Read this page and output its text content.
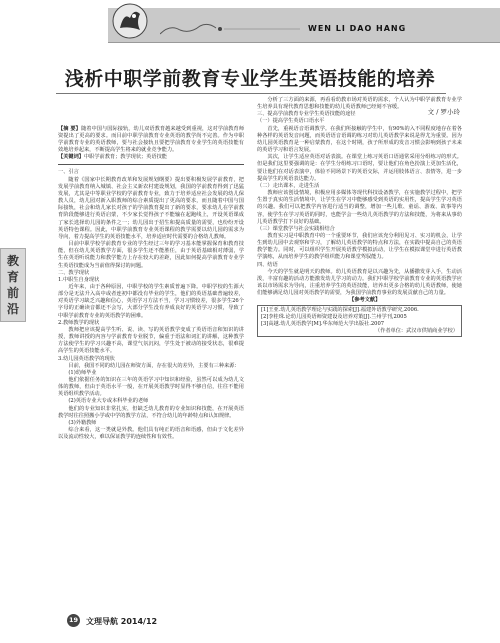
WEN LI DAO HANG
浅析中职学前教育专业学生英语技能的培养
文 / 罗小玲
教育前沿

【摘 要】随着中国与国际接轨，幼儿双语教育越来越受到重视，这对学前教育师资提出了更高的要求。而目前中职学前教育专业英语的教学尚不完善。作为中职学前教育专业的英语教师，要与社会接轨且要把学前教育专业学生的英语技能有效地培养起来，不断提高学生将来的就业竞争能力。

【关键词】中职学前教育；教学现状；英语技能

一、引言

随着《国家中长期教育改革和发展规划纲要》提出要积极发展学前教育，把发展学前教育纳入城镇、社会主义新农村建设规划，我国的学前教育得到了迅猛发展，尤其是中等职业学校的学前教育专业，致力于培养适应社会发展的幼儿保教人员，幼儿园对新入职教师的综合素质提出了更高的要求，而且随着中国与国际接轨，社会和幼儿家长对孩子的学前教育提出了新的要求，要求幼儿在学前教育阶段能够进行英语启蒙，不少家长觉得孩子不能输在起跑线上，开设英语课成了家长选择幼儿园的条件之一；幼儿园出于招生和提高质量的需要，也纷纷开设英语特色课程。因此，中职学前教育专业英语课程的教学需要以幼儿园的需求为导向，着力提高学生的英语技能水平，培养适应时代需要的合格幼儿教师。

目前中职学校学前教育专业的学生经过三年的学习基本能掌握保育和教育技能，但在幼儿英语教学方面，很多学生还不能胜任，由于英语基础相对薄弱，学生在英语听说能力和教学能力上存在较大的差距，因此如何提高学前教育专业学生英语技能成为当前值得探讨的问题。

二、教学现状

1.中职生自身现状

近年来，由于各种原因，中职学校的学生素质普遍下降。中职学校的生源大部分是无法升入高中或者连初中都没有毕业的学生，他们的英语基础普遍较差，对英语学习缺乏兴趣和信心，英语学习方法不当，学习习惯较差，很多学生26个字母的正确读音都还不会写，大部分学生没有养成良好的英语学习习惯，导致了中职学前教育专业的英语教学的困难。

2.教师教学的现状

教师把应该提高学生听、说、读、写的英语教学变成了英语语音和知识的讲授，教师讲授的内容与学前教育专业脱节，偏重于语法和词汇的讲解，这种教学方法使学生的学习兴趣不高，课堂气氛沉闷，学生处于被动的接受状态，很难提高学生的英语技能水平。

3.幼儿园英语教学的现状

目前，我国不同的幼儿园在师资方面，存在很大的差异，主要有三种来源：

(1)幼师毕业

他们依据任务的知识在三年的英语学习中知识和经验，虽然可以成为幼儿文体的教师，但由于英语水平一般，在开展英语教学时显得不够自信，往往不能用英语组织教学活动。

(2)英语专业大专或本科毕业的老师

他们的专业知识非常扎实，但缺乏幼儿教育的专业知识和技能，在开展英语教学时往往照搬小学或中学的教学方法，不符合幼儿的年龄特点和认知规律。

(3)外籍教师

综合来看，这一类就是外教。他们具有纯正的语音和语感，但由于文化差异以及流动性较大，难以保证教学的连续性和有效性。

分析了三方面的来源，再看看幼教市场对英语的需求，个人认为中职学前教育专业学生培养具有现代教育思想和技能的幼儿英语教师已经刻不容缓。

三、提高学前教育专业学生英语技能的途径

（一）提高学生英语口语水平

首先，重视语音语调教学。在我们所接触的学生中，有90%的入不同程度地存在着各种各样的英语发音问题，而英语语音语调的练习对幼儿英语教学来说是得尤为重要。因为幼儿园英语教育是一种启蒙教育，在这个时期，孩子所形成的发音习惯会影响到孩子未来的英语学习和语言发展。

其次，让学生适应英语对话表演。在课堂上练习英语口语通常采用分组练习的形式。但是我们这里要强调的是：在学生分组练习口语时，要让他们在角色扮演上更加生活化，要让他们在对话表演中，体验不同场景下的英语交际，并运用肢体语言、表情等，进一步提高学生的英语表达能力。

（二）走出课本，走进生活

教师应该创设情境，积极应用多媒体等现代科技设备教学，在实施教学过程中，把学生置于真实的生活情境中，让学生在学习中能够感受到英语的实用性，提高学生学习英语的兴趣。我们可以把教学内容进行适当的调整，增加一些儿歌、童谣、游戏、故事等内容，使学生在学习英语的同时，也能学会一些幼儿英语教学的方法和技能，为将来从事幼儿英语教学打下良好的基础。

（三）课堂教学与社会实践相结合

教育实习是中职教育中的一个重要环节，我们应该充分利用见习、实习的机会，让学生到幼儿园中去观察和学习，了解幼儿英语教学的特点和方法，在实践中提高自己的英语教学能力。同时，可以组织学生开展英语教学模拟活动，让学生在模拟课堂中进行英语教学演练，从而培养学生的教学组织能力和课堂驾驭能力。

四、结语

今天的学生就是明天的教师。幼儿英语教育是以兴趣为先，从播撒发芽入手，生动活泼，丰富有趣的活动方能激发幼儿学习的动力。我们中职学校学前教育专业的英语教学应该以市场需求为导向，注重培养学生的英语技能，培养出更多合格的幼儿英语教师，使她们能够满足幼儿园对英语教学的需要，为我国学前教育事业的发展贡献自己的力量。

【参考文献】

[1]王亚.幼儿英语教学理论与实践的探索[J].福建外语教学研究,2006.

[2]李桂珠.论幼儿园英语师资建设及培养对策[J].兰州学刊,2005

[3]高越.幼儿英语教学[M].华东师范大学出版社.2007

（作者单位：武汉市供销商业学校）

19 文理导航 2014/12
